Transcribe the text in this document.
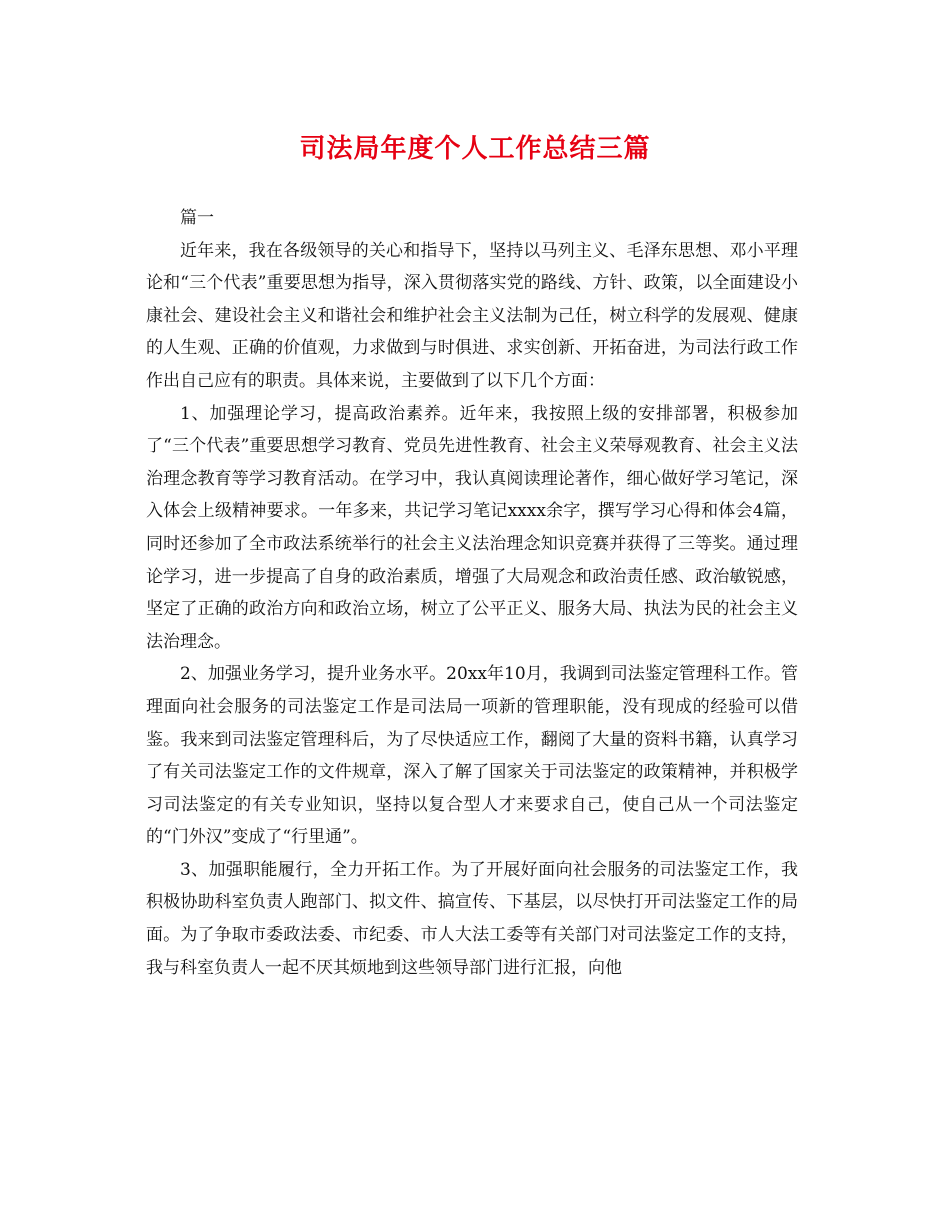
司法局年度个人工作总结三篇

篇一

近年来，我在各级领导的关心和指导下，坚持以马列主义、毛泽东思想、邓小平理论和“三个代表”重要思想为指导，深入贯彻落实党的路线、方针、政策，以全面建设小康社会、建设社会主义和谐社会和维护社会主义法制为己任，树立科学的发展观、健康的人生观、正确的价值观，力求做到与时俱进、求实创新、开拓奋进，为司法行政工作作出自己应有的职责。具体来说，主要做到了以下几个方面：

1、加强理论学习，提高政治素养。近年来，我按照上级的安排部署，积极参加了“三个代表”重要思想学习教育、党员先进性教育、社会主义荣辱观教育、社会主义法治理念教育等学习教育活动。在学习中，我认真阅读理论著作，细心做好学习笔记，深入体会上级精神要求。一年多来，共记学习笔记xxxx余字，撰写学习心得和体会4篇，同时还参加了全市政法系统举行的社会主义法治理念知识竞赛并获得了三等奖。通过理论学习，进一步提高了自身的政治素质，增强了大局观念和政治责任感、政治敏锐感，坚定了正确的政治方向和政治立场，树立了公平正义、服务大局、执法为民的社会主义法治理念。

2、加强业务学习，提升业务水平。20xx年10月，我调到司法鉴定管理科工作。管理面向社会服务的司法鉴定工作是司法局一项新的管理职能，没有现成的经验可以借鉴。我来到司法鉴定管理科后，为了尽快适应工作，翻阅了大量的资料书籍，认真学习了有关司法鉴定工作的文件规章，深入了解了国家关于司法鉴定的政策精神，并积极学习司法鉴定的有关专业知识，坚持以复合型人才来要求自己，使自己从一个司法鉴定的“门外汉”变成了“行里通”。

3、加强职能履行，全力开拓工作。为了开展好面向社会服务的司法鉴定工作，我积极协助科室负责人跑部门、拟文件、搞宣传、下基层，以尽快打开司法鉴定工作的局面。为了争取市委政法委、市纪委、市人大法工委等有关部门对司法鉴定工作的支持，我与科室负责人一起不厌其烦地到这些领导部门进行汇报，向他
